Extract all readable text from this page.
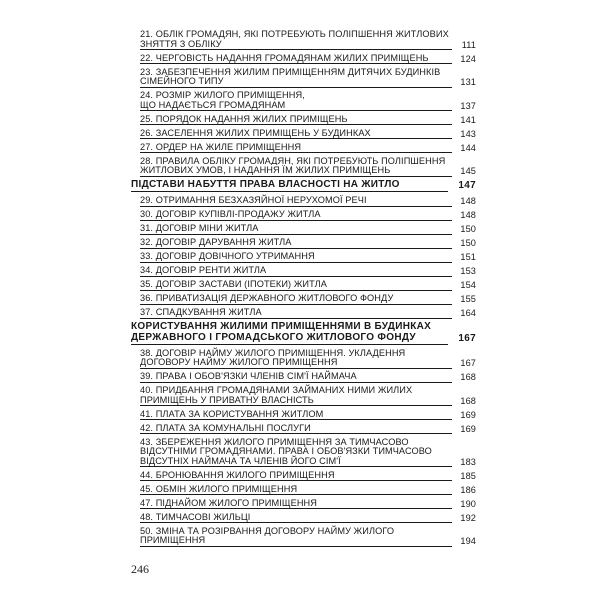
21. ОБЛІК ГРОМАДЯН, ЯКІ ПОТРЕБУЮТЬ ПОЛІПШЕННЯ ЖИТЛОВИХ
ЗНЯТТЯ З ОБЛІКУ	111
22. ЧЕРГОВІСТЬ НАДАННЯ ГРОМАДЯНАМ ЖИЛИХ ПРИМІЩЕНЬ	124
23. ЗАБЕЗПЕЧЕННЯ ЖИЛИМ ПРИМІЩЕННЯМ ДИТЯЧИХ БУДИНКІВ
СІМЕЙНОГО ТИПУ	131
24. РОЗМІР ЖИЛОГО ПРИМІЩЕННЯ,
ЩО НАДАЄТЬСЯ ГРОМАДЯНАМ	137
25. ПОРЯДОК НАДАННЯ ЖИЛИХ ПРИМІЩЕНЬ	141
26. ЗАСЕЛЕННЯ ЖИЛИХ ПРИМІЩЕНЬ У БУДИНКАХ	143
27. ОРДЕР НА ЖИЛЕ ПРИМІЩЕННЯ	144
28. ПРАВИЛА ОБЛІКУ ГРОМАДЯН, ЯКІ ПОТРЕБУЮТЬ ПОЛІПШЕННЯ
ЖИТЛОВИХ УМОВ, І НАДАННЯ ЇМ ЖИЛИХ ПРИМІЩЕНЬ	145
ПІДСТАВИ НАБУТТЯ ПРАВА ВЛАСНОСТІ НА ЖИТЛО	147
29. ОТРИМАННЯ БЕЗХАЗЯЙНОЇ НЕРУХОМОЇ РЕЧІ	148
30. ДОГОВІР КУПІВЛІ-ПРОДАЖУ ЖИТЛА	148
31. ДОГОВІР МІНИ ЖИТЛА	150
32. ДОГОВІР ДАРУВАННЯ ЖИТЛА	150
33. ДОГОВІР ДОВІЧНОГО УТРИМАННЯ	151
34. ДОГОВІР РЕНТИ ЖИТЛА	153
35. ДОГОВІР ЗАСТАВИ (ІПОТЕКИ) ЖИТЛА	154
36. ПРИВАТИЗАЦІЯ ДЕРЖАВНОГО ЖИТЛОВОГО ФОНДУ	155
37. СПАДКУВАННЯ ЖИТЛА	164
КОРИСТУВАННЯ ЖИЛИМИ ПРИМІЩЕННЯМИ В БУДИНКАХ
ДЕРЖАВНОГО І ГРОМАДСЬКОГО ЖИТЛОВОГО ФОНДУ	167
38. ДОГОВІР НАЙМУ ЖИЛОГО ПРИМІЩЕННЯ. УКЛАДЕННЯ
ДОГОВОРУ НАЙМУ ЖИЛОГО ПРИМІЩЕННЯ	167
39. ПРАВА І ОБОВ'ЯЗКИ ЧЛЕНІВ СІМ'Ї НАЙМАЧА	168
40. ПРИДБАННЯ ГРОМАДЯНАМИ ЗАЙМАНИХ НИМИ ЖИЛИХ
ПРИМІЩЕНЬ У ПРИВАТНУ ВЛАСНІСТЬ	168
41. ПЛАТА ЗА КОРИСТУВАННЯ ЖИТЛОМ	169
42. ПЛАТА ЗА КОМУНАЛЬНІ ПОСЛУГИ	169
43. ЗБЕРЕЖЕННЯ ЖИЛОГО ПРИМІЩЕННЯ ЗА ТИМЧАСОВО
ВІДСУТНІМИ ГРОМАДЯНАМИ. ПРАВА І ОБОВ'ЯЗКИ ТИМЧАСОВО
ВІДСУТНІХ НАЙМАЧА ТА ЧЛЕНІВ ЙОГО СІМ'Ї	183
44. БРОНЮВАННЯ ЖИЛОГО ПРИМІЩЕННЯ	185
45. ОБМІН ЖИЛОГО ПРИМІЩЕННЯ	186
47. ПІДНАЙОМ ЖИЛОГО ПРИМІЩЕННЯ	190
48. ТИМЧАСОВІ ЖИЛЬЦІ	192
50. ЗМІНА ТА РОЗІРВАННЯ ДОГОВОРУ НАЙМУ ЖИЛОГО
ПРИМІЩЕННЯ	194
246
